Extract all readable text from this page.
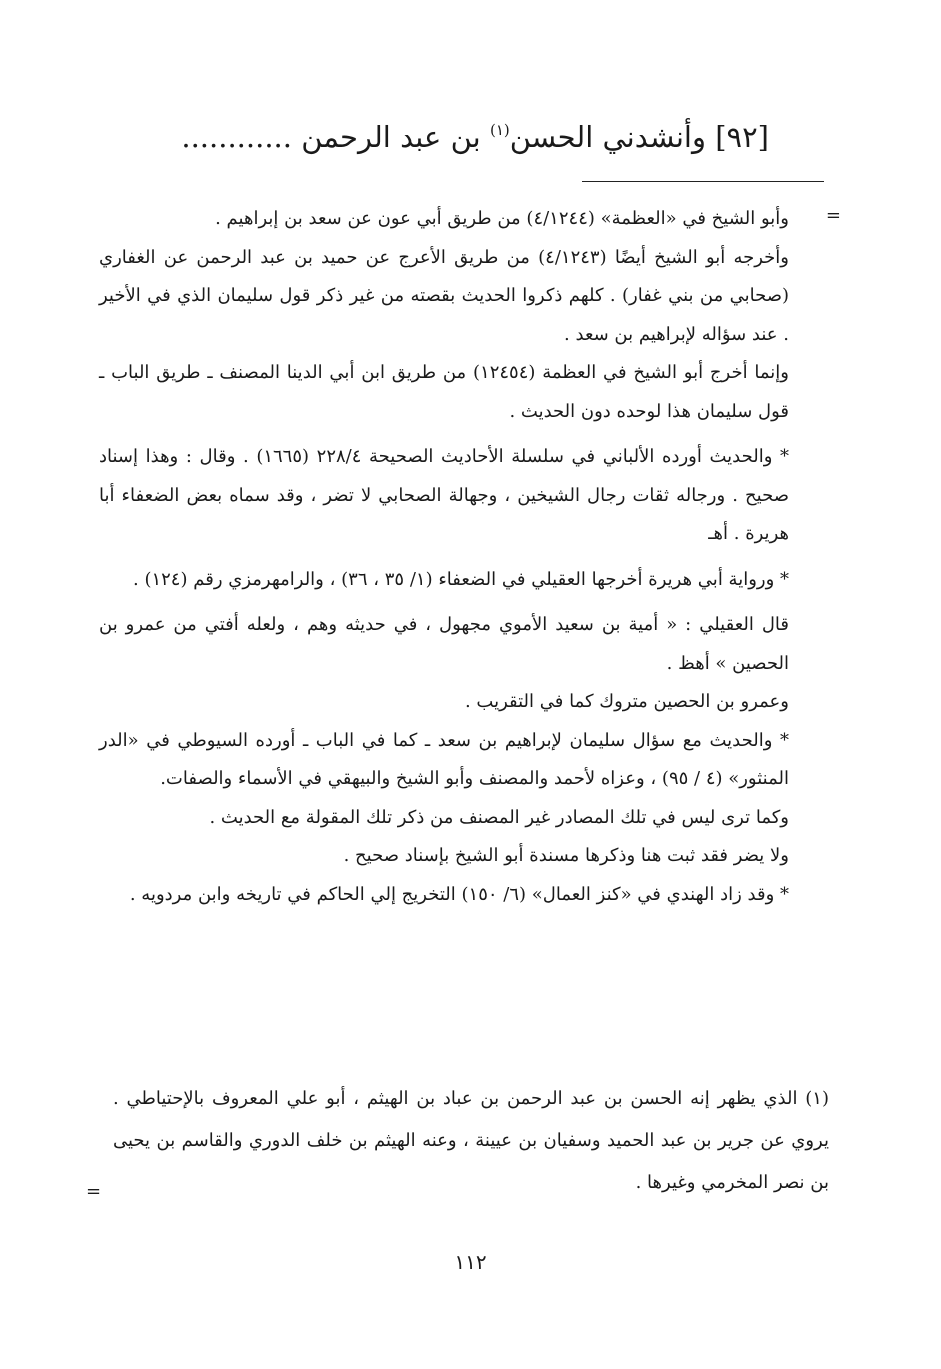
[٩٢] وأنشدني الحسن$^{(١)}$ بن عبد الرحمن ............
=

وأبو الشيخ في «العظمة» (٤/١٢٤٤) من طريق أبي عون عن سعد بن إبراهيم .

وأخرجه أبو الشيخ أيضًا (٤/١٢٤٣) من طريق الأعرج عن حميد بن عبد الرحمن عن الغفاري (صحابي من بني غفار) . كلهم ذكروا الحديث بقصته من غير ذكر قول سليمان الذي في الأخير . عند سؤاله لإبراهيم بن سعد .

وإنما أخرج أبو الشيخ في العظمة (١٢٤٥٤) من طريق ابن أبي الدينا المصنف ـ طريق الباب ـ قول سليمان هذا لوحده دون الحديث .

* والحديث أورده الألباني في سلسلة الأحاديث الصحيحة ٢٢٨/٤ (١٦٦٥) . وقال : وهذا إسناد صحيح . ورجاله ثقات رجال الشيخين ، وجهالة الصحابي لا تضر ، وقد سماه بعض الضعفاء أبا هريرة . أهـ

* ورواية أبي هريرة أخرجها العقيلي في الضعفاء (١/ ٣٥ ، ٣٦) ، والرامهرمزي رقم (١٢٤) .

قال العقيلي : « أمية بن سعيد الأموي مجهول ، في حديثه وهم ، ولعله أفتي من عمرو بن الحصين » أهظ .

وعمرو بن الحصين متروك كما في التقريب .

* والحديث مع سؤال سليمان لإبراهيم بن سعد ـ كما في الباب ـ أورده السيوطي في «الدر المنثور» (٤ / ٩٥) ، وعزاه لأحمد والمصنف وأبو الشيخ والبيهقي في الأسماء والصفات.

وكما ترى ليس في تلك المصادر غير المصنف من ذكر تلك المقولة مع الحديث .

ولا يضر فقد ثبت هنا وذكرها مسندة أبو الشيخ بإسناد صحيح .

* وقد زاد الهندي في «كنز العمال» (٦/ ١٥٠) التخريج إلي الحاكم في تاريخه وابن مردويه .

(١) الذي يظهر إنه الحسن بن عبد الرحمن بن عباد بن الهيثم ، أبو علي المعروف بالإحتياطي . يروي عن جرير بن عبد الحميد وسفيان بن عيينة ، وعنه الهيثم بن خلف الدوري والقاسم بن يحيى بن نصر المخرمي وغيرها .

=
١١٢
